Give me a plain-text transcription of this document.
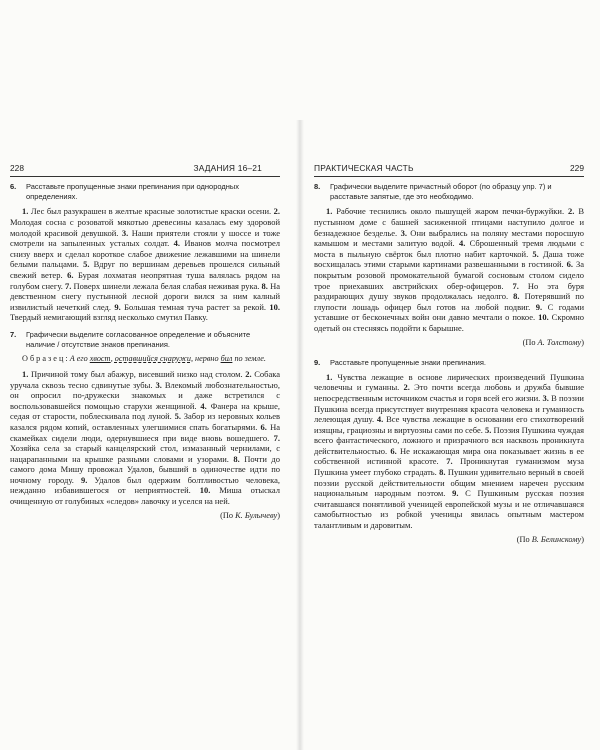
228	ЗАДАНИЯ 16–21

6. Расставьте пропущенные знаки препинания при однородных определениях.

1. Лес был разукрашен в желтые красные золотистые краски осени. 2. Молодая сосна с розоватой мякотью древесины казалась ему здоровой молодой красивой девушкой. 3. Наши приятели стояли у шоссе и тоже смотрели на запыленных усталых солдат. 4. Иванов молча посмотрел снизу вверх и сделал короткое слабое движение лежавшими на шинели белыми пальцами. 5. Вдруг по вершинам деревьев прошелся сильный свежий ветер. 6. Бурая лохматая неопрятная туша валялась рядом на голубом снегу. 7. Поверх шинели лежала белая слабая неживая рука. 8. На девственном снегу пустынной лесной дороги вился за ним калный извилистый нечеткий след. 9. Большая темная туча растет за рекой. 10. Твердый немигающий взгляд несколько смутил Павку.

7. Графически выделите согласованное определение и объясните наличие / отсутствие знаков препинания.

О б р а з е ц : А его хвост, оставшийся снаружи, нервно бил по земле.

1. Причиной тому был абажур, висевший низко над столом. 2. Собака уручала сквозь тесно сдвинутые зубы. 3. Влекомый любознательностью, он опросил по-дружески знакомых и даже встретился с воспользовавшейся помощью старухи женщиной. 4. Фанера на крыше, седая от старости, поблескивала под луной. 5. Забор из неровных кольев казался рядом копий, оставленных улегшимися спать богатырями. 6. На скамейках сидели люди, одернувшиеся при виде вновь вошедшего. 7. Хозяйка села за старый канцелярский стол, измазанный чернилами, с нацарапанными на крышке разными словами и узорами. 8. Почти до самого дома Мишу провожал Удалов, бывший в одиночестве идти по ночному городу. 9. Удалов был одержим болтливостью человека, нежданно избавившегося от неприятностей. 10. Миша отыскал очищенную от голубиных «следов» лавочку и уселся на ней.

(По К. Булычеву)

ПРАКТИЧЕСКАЯ ЧАСТЬ	229

8. Графически выделите причастный оборот (по образцу упр. 7) и расставьте запятые, где это необходимо.

1. Рабочие теснились около пышущей жаром печки-буржуйки. 2. В пустынном доме с башней засиженной птицами наступило долгое и безнадежное безделье. 3. Они выбрались на поляну местами поросшую камышом и местами залитую водой. 4. Сброшенный тремя людьми с моста в пыльную свёрток был плотно набит карточкой. 5. Даша тоже восхищалась этими старыми картинами развешанными в гостиной. 6. За покрытым розовой промокательной бумагой сосновым столом сидело трое приехавших австрийских обер-офицеров. 7. Но эта буря раздирающих душу звуков продолжалась недолго. 8. Потерявший по глупости лошадь офицер был готов на любой подвиг. 9. С годами уставшие от бесконечных войн они давно мечтали о покое. 10. Скромно одетый он стесняясь подойти к барышне.

(По А. Толстому)

9. Расставьте пропущенные знаки препинания.

1. Чувства лежащие в основе лирических произведений Пушкина человечны и гуманны. 2. Это почти всегда любовь и дружба бывшие непосредственным источником счастья и горя всей его жизни. 3. В поэзии Пушкина всегда присутствует внутренняя красота человека и гуманность лелеющая душу. 4. Все чувства лежащие в основании его стихотворений изящны, грациозны и виртуозны сами по себе. 5. Поэзия Пушкина чуждая всего фантастического, ложного и призрачного вся насквозь проникнута действительностью. 6. Не искажающая мира она показывает жизнь в ее собственной истинной красоте. 7. Проникнутая гуманизмом муза Пушкина умеет глубоко страдать. 8. Пушкин удивительно верный в своей поэзии русской действительности общим мнением наречен русским национальным народным поэтом. 9. С Пушкиным русская поэзия считавшаяся понятливой ученицей европейской музы и не отличавшаяся самобытностью из робкой ученицы явилась опытным мастером талантливым и даровитым.

(По В. Белинскому)
